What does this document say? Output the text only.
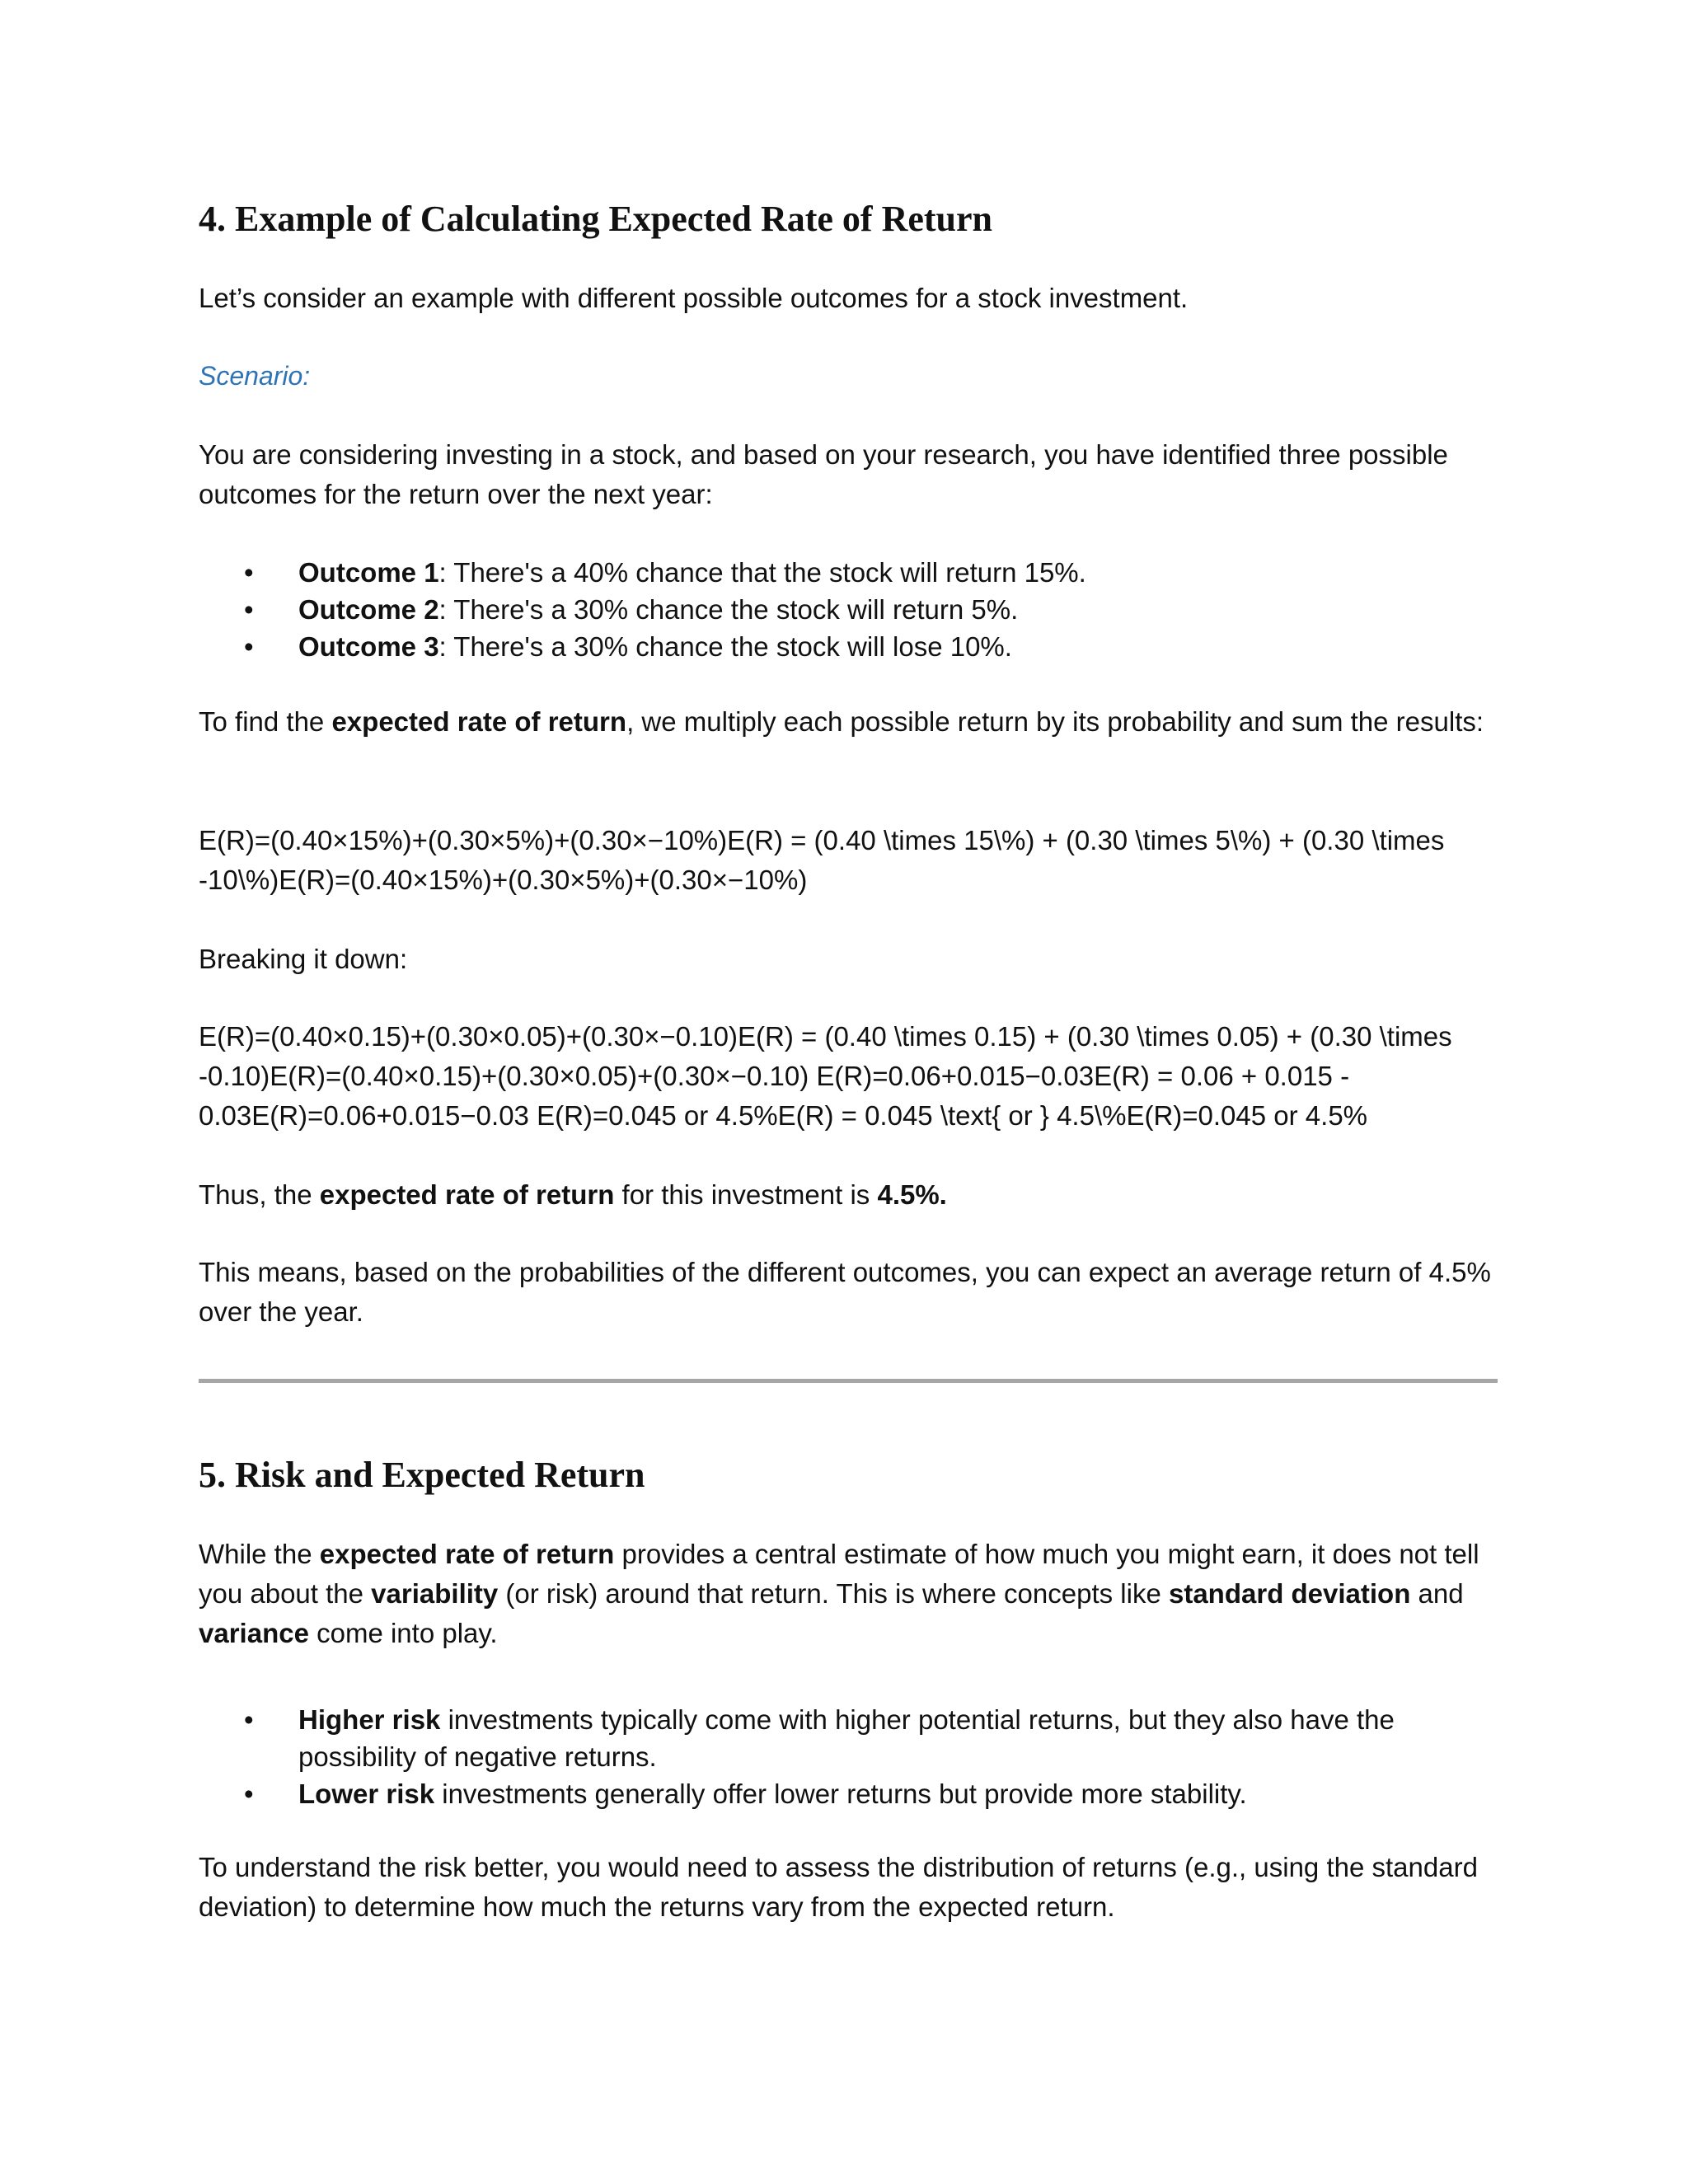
4. Example of Calculating Expected Rate of Return

Let’s consider an example with different possible outcomes for a stock investment.

Scenario:

You are considering investing in a stock, and based on your research, you have identified three possible outcomes for the return over the next year:

• Outcome 1: There's a 40% chance that the stock will return 15%.
• Outcome 2: There's a 30% chance the stock will return 5%.
• Outcome 3: There's a 30% chance the stock will lose 10%.

To find the expected rate of return, we multiply each possible return by its probability and sum the results:

E(R)=(0.40×15%)+(0.30×5%)+(0.30×−10%)E(R) = (0.40 \times 15\%) + (0.30 \times 5\%) + (0.30 \times -10\%)E(R)=(0.40×15%)+(0.30×5%)+(0.30×−10%)

Breaking it down:

E(R)=(0.40×0.15)+(0.30×0.05)+(0.30×−0.10)E(R) = (0.40 \times 0.15) + (0.30 \times 0.05) + (0.30 \times -0.10)E(R)=(0.40×0.15)+(0.30×0.05)+(0.30×−0.10) E(R)=0.06+0.015−0.03E(R) = 0.06 + 0.015 - 0.03E(R)=0.06+0.015−0.03 E(R)=0.045 or 4.5%E(R) = 0.045 \text{ or } 4.5\%E(R)=0.045 or 4.5%

Thus, the expected rate of return for this investment is 4.5%.

This means, based on the probabilities of the different outcomes, you can expect an average return of 4.5% over the year.

5. Risk and Expected Return

While the expected rate of return provides a central estimate of how much you might earn, it does not tell you about the variability (or risk) around that return. This is where concepts like standard deviation and variance come into play.

• Higher risk investments typically come with higher potential returns, but they also have the possibility of negative returns.
• Lower risk investments generally offer lower returns but provide more stability.

To understand the risk better, you would need to assess the distribution of returns (e.g., using the standard deviation) to determine how much the returns vary from the expected return.
